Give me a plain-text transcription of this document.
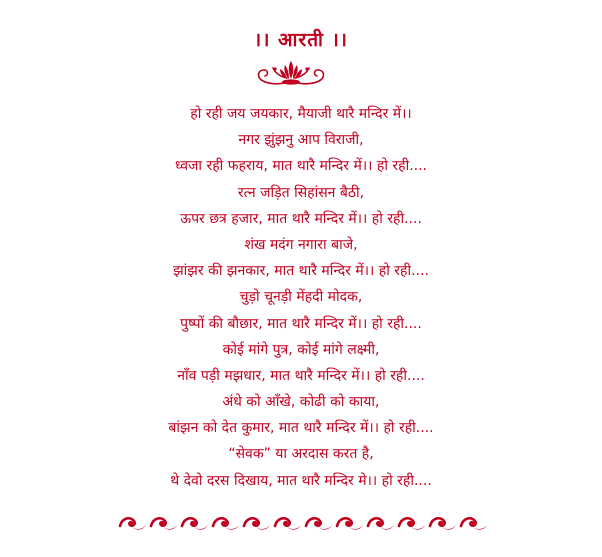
।। आरती ।।
हो रही जय जयकार, मैयाजी थारै मन्दिर में।।
नगर झुंझनु आप विराजी,
ध्वजा रही फहराय, मात थारै मन्दिर में।। हो रही....
रत्न जड़ित सिहांसन बैठी,
ऊपर छत्र हजार, मात थारै मन्दिर में।। हो रही....
शंख मदंग नगारा बाजे,
झांझर की झनकार, मात थारै मन्दिर में।। हो रही....
चुड़ो चूनड़ी मेंहदी मोदक,
पुष्पों की बौछार, मात थारै मन्दिर में।। हो रही....
कोई मांगे पुत्र, कोई मांगे लक्ष्मी,
नाँव पड़ी मझधार, मात थारै मन्दिर में।। हो रही....
अंधे को आँखे, कोढी को काया,
बांझन को देत कुमार, मात थारै मन्दिर में।। हो रही....
“सेवक” या अरदास करत है,
थे देवो दरस दिखाय, मात थारै मन्दिर मे।। हो रही....
